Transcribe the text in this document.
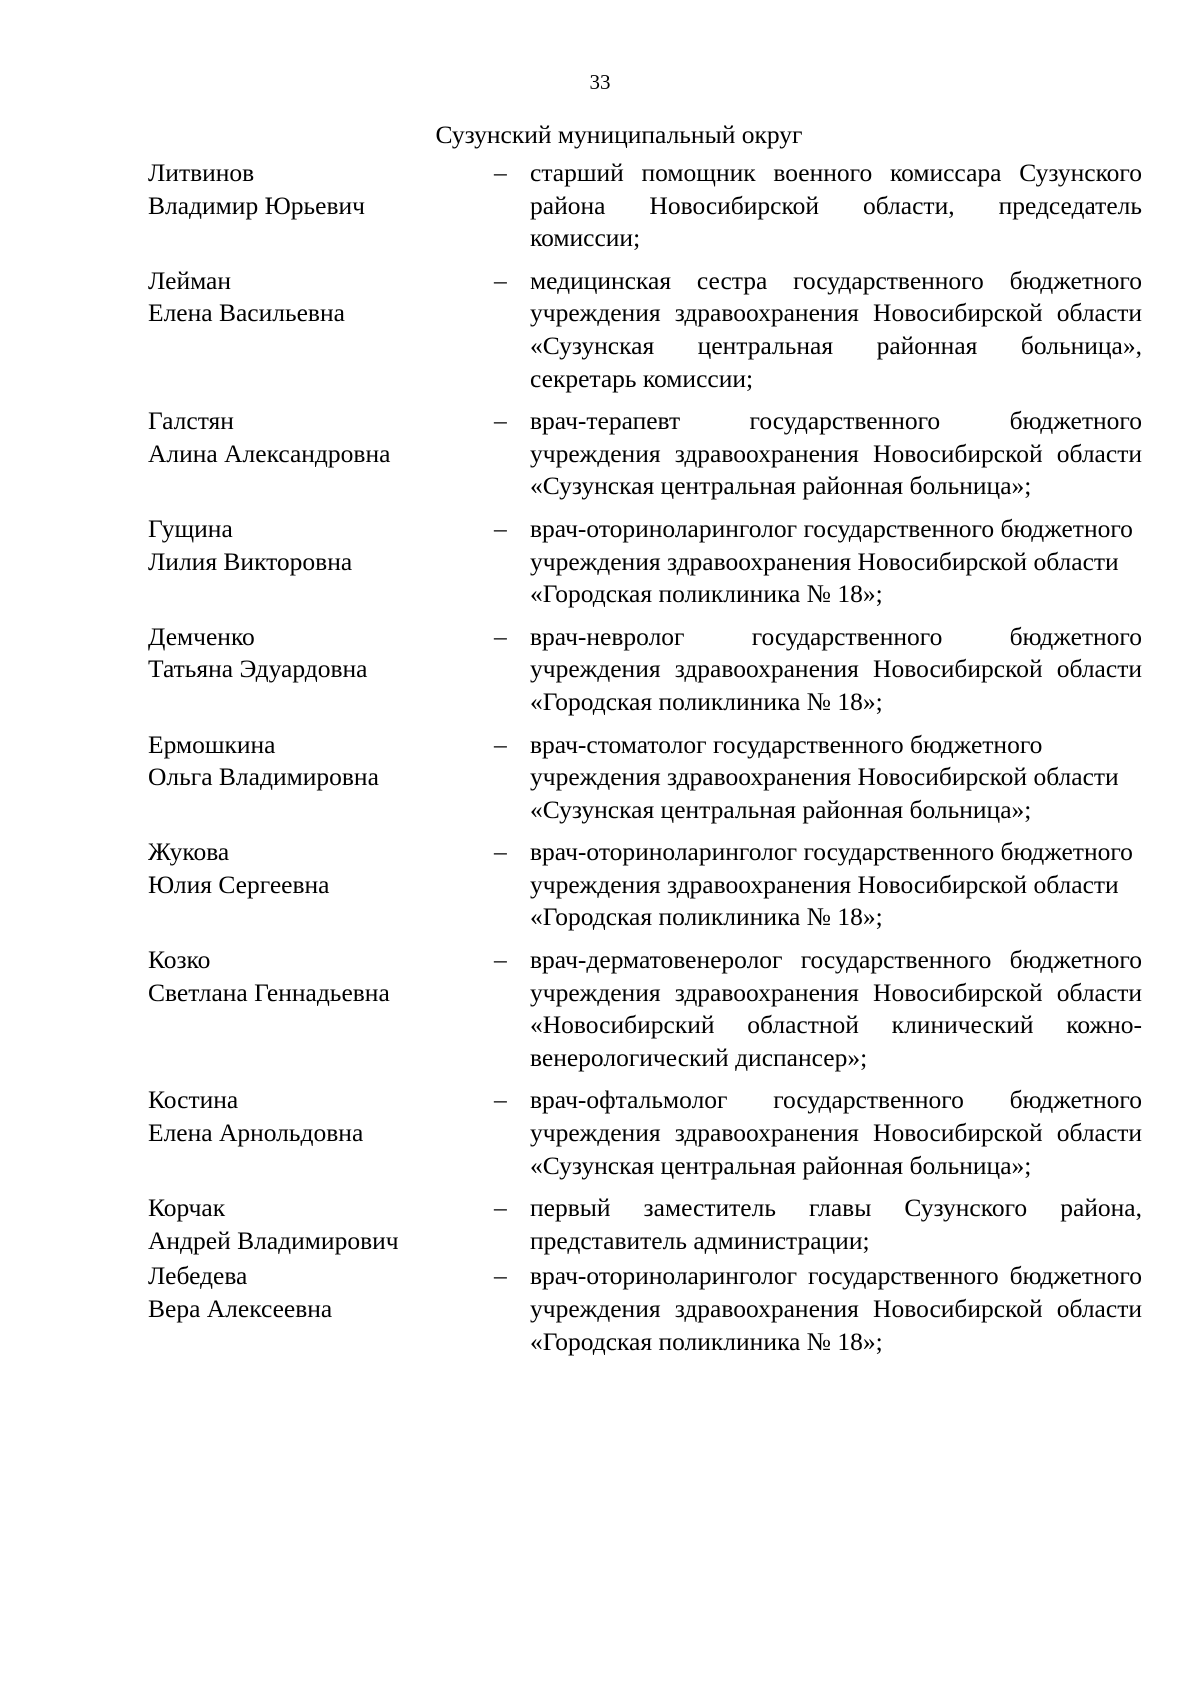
33
Сузунский муниципальный округ
Литвинов
Владимир Юрьевич
– старший помощник военного комиссара Сузунского района Новосибирской области, председатель комиссии;
Лейман
Елена Васильевна
– медицинская сестра государственного бюджетного учреждения здравоохранения Новосибирской области «Сузунская центральная районная больница», секретарь комиссии;
Галстян
Алина Александровна
– врач-терапевт государственного бюджетного учреждения здравоохранения Новосибирской области «Сузунская центральная районная больница»;
Гущина
Лилия Викторовна
– врач-оториноларинголог государственного бюджетного учреждения здравоохранения Новосибирской области «Городская поликлиника № 18»;
Демченко
Татьяна Эдуардовна
– врач-невролог государственного бюджетного учреждения здравоохранения Новосибирской области «Городская поликлиника № 18»;
Ермошкина
Ольга Владимировна
– врач-стоматолог государственного бюджетного учреждения здравоохранения Новосибирской области «Сузунская центральная районная больница»;
Жукова
Юлия Сергеевна
– врач-оториноларинголог государственного бюджетного учреждения здравоохранения Новосибирской области «Городская поликлиника № 18»;
Козко
Светлана Геннадьевна
– врач-дерматовенеролог государственного бюджетного учреждения здравоохранения Новосибирской области «Новосибирский областной клинический кожно-венерологический диспансер»;
Костина
Елена Арнольдовна
– врач-офтальмолог государственного бюджетного учреждения здравоохранения Новосибирской области «Сузунская центральная районная больница»;
Корчак
Андрей Владимирович
– первый заместитель главы Сузунского района, представитель администрации;
Лебедева
Вера Алексеевна
– врач-оториноларинголог государственного бюджетного учреждения здравоохранения Новосибирской области «Городская поликлиника № 18»;
